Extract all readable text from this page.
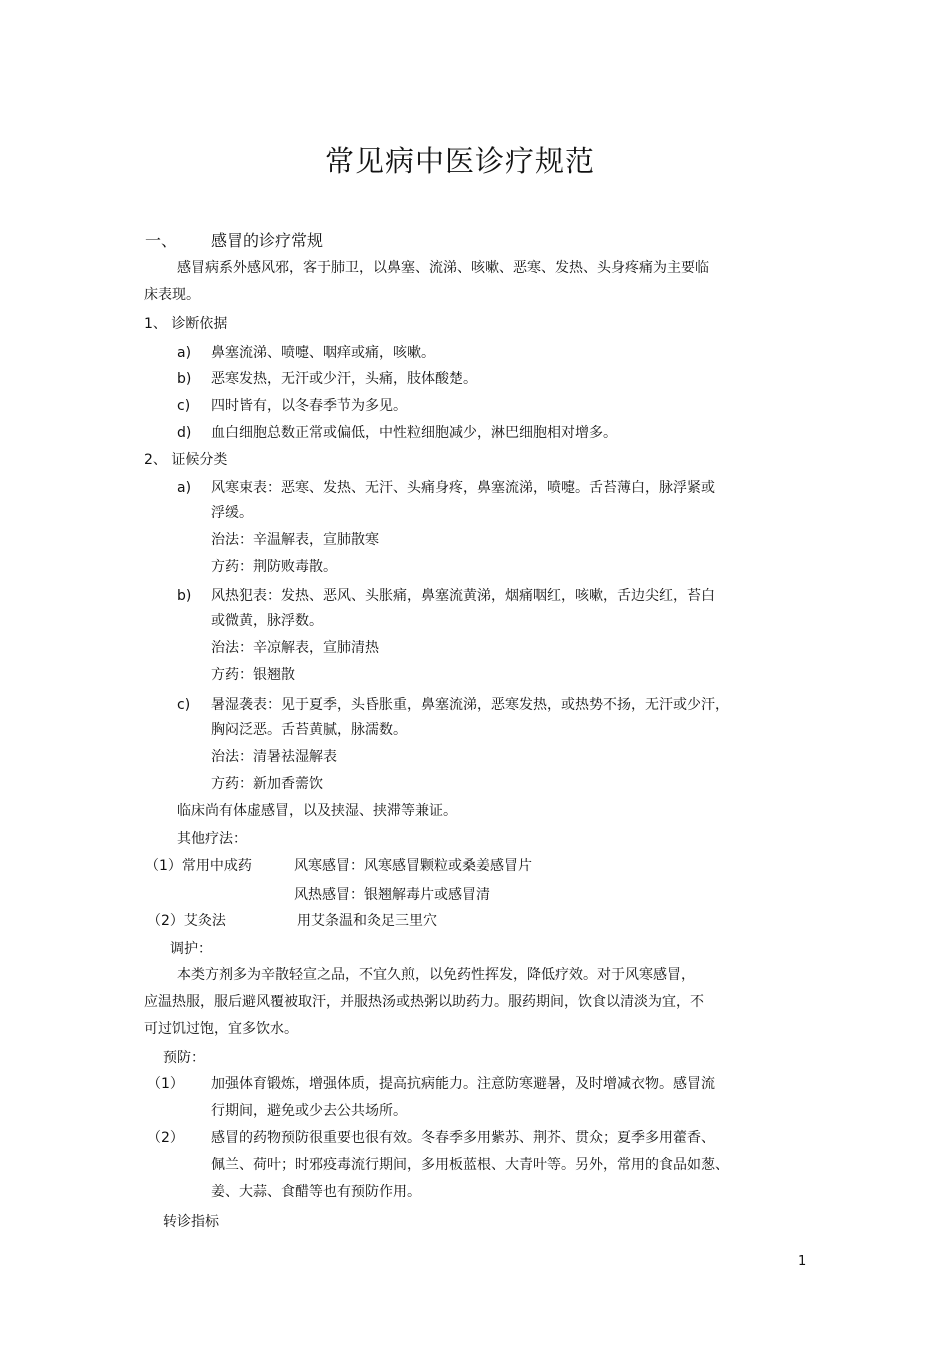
常见病中医诊疗规范
一、 感冒的诊疗常规
感冒病系外感风邪，客于肺卫，以鼻塞、流涕、咳嗽、恶寒、发热、头身疼痛为主要临
床表现。
1、 诊断依据
a) 鼻塞流涕、喷嚏、咽痒或痛，咳嗽。
b) 恶寒发热，无汗或少汗，头痛，肢体酸楚。
c) 四时皆有，以冬春季节为多见。
d) 血白细胞总数正常或偏低，中性粒细胞减少，淋巴细胞相对增多。
2、 证候分类
a) 风寒束表：恶寒、发热、无汗、头痛身疼，鼻塞流涕，喷嚏。舌苔薄白，脉浮紧或
浮缓。
治法：辛温解表，宣肺散寒
方药：荆防败毒散。
b) 风热犯表：发热、恶风、头胀痛，鼻塞流黄涕，烟痛咽红，咳嗽，舌边尖红，苔白
或微黄，脉浮数。
治法：辛凉解表，宣肺清热
方药：银翘散
c) 暑湿袭表：见于夏季，头昏胀重，鼻塞流涕，恶寒发热，或热势不扬，无汗或少汗，
胸闷泛恶。舌苔黄腻，脉濡数。
治法：清暑祛湿解表
方药：新加香薷饮
临床尚有体虚感冒，以及挟湿、挟滞等兼证。
其他疗法：
（1）常用中成药	风寒感冒：风寒感冒颗粒或桑姜感冒片
风热感冒：银翘解毒片或感冒清
（2）艾灸法	用艾条温和灸足三里穴
调护：
本类方剂多为辛散轻宣之品，不宜久煎，以免药性挥发，降低疗效。对于风寒感冒，
应温热服，服后避风覆被取汗，并服热汤或热粥以助药力。服药期间，饮食以清淡为宜，不
可过饥过饱，宜多饮水。
预防：
（1） 加强体育锻炼，增强体质，提高抗病能力。注意防寒避暑，及时增减衣物。感冒流
行期间，避免或少去公共场所。
（2） 感冒的药物预防很重要也很有效。冬春季多用紫苏、荆芥、贯众；夏季多用藿香、
佩兰、荷叶；时邪疫毒流行期间，多用板蓝根、大青叶等。另外，常用的食品如葱、
姜、大蒜、食醋等也有预防作用。
转诊指标
1
